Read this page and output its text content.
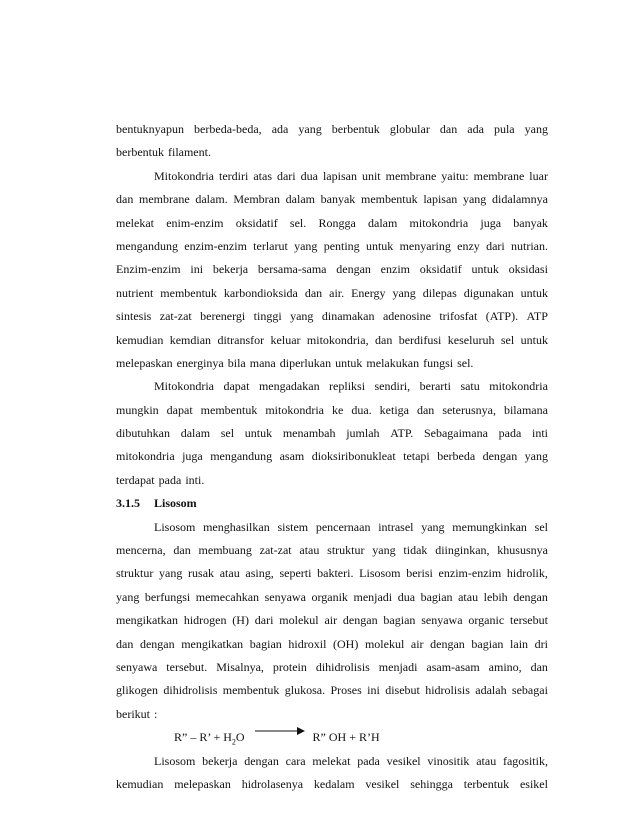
bentuknyapun berbeda-beda, ada yang berbentuk globular dan ada pula yang
berbentuk filament.
Mitokondria terdiri atas dari dua lapisan unit membrane yaitu: membrane luar
dan membrane dalam. Membran dalam banyak membentuk lapisan yang didalamnya
melekat enim-enzim oksidatif sel. Rongga dalam mitokondria juga banyak
mengandung enzim-enzim terlarut yang penting untuk menyaring enzy dari nutrian.
Enzim-enzim ini bekerja bersama-sama dengan enzim oksidatif untuk oksidasi
nutrient membentuk karbondioksida dan air. Energy yang dilepas digunakan untuk
sintesis zat-zat berenergi tinggi yang dinamakan adenosine trifosfat (ATP). ATP
kemudian kemdian ditransfor keluar mitokondria, dan berdifusi keseluruh sel untuk
melepaskan energinya bila mana diperlukan untuk melakukan fungsi sel.
Mitokondria dapat mengadakan repliksi sendiri, berarti satu mitokondria
mungkin dapat membentuk mitokondria ke dua. ketiga dan seterusnya, bilamana
dibutuhkan dalam sel untuk menambah jumlah ATP. Sebagaimana pada inti
mitokondria juga mengandung asam dioksiribonukleat tetapi berbeda dengan yang
terdapat pada inti.
3.1.5	Lisosom
Lisosom menghasilkan sistem pencernaan intrasel yang memungkinkan sel
mencerna, dan membuang zat-zat atau struktur yang tidak diinginkan, khususnya
struktur yang rusak atau asing, seperti bakteri. Lisosom berisi enzim-enzim hidrolik,
yang berfungsi memecahkan senyawa organik menjadi dua bagian atau lebih dengan
mengikatkan hidrogen (H) dari molekul air dengan bagian senyawa organic tersebut
dan dengan mengikatkan bagian hidroxil (OH) molekul air dengan bagian lain dri
senyawa tersebut. Misalnya, protein dihidrolisis menjadi asam-asam amino, dan
glikogen dihidrolisis membentuk glukosa. Proses ini disebut hidrolisis adalah sebagai
berikut :
R” – R’ + $H_2O$	R” OH + R’H
Lisosom bekerja dengan cara melekat pada vesikel vinositik atau fagositik,
kemudian melepaskan hidrolasenya kedalam vesikel sehingga terbentuk esikel
